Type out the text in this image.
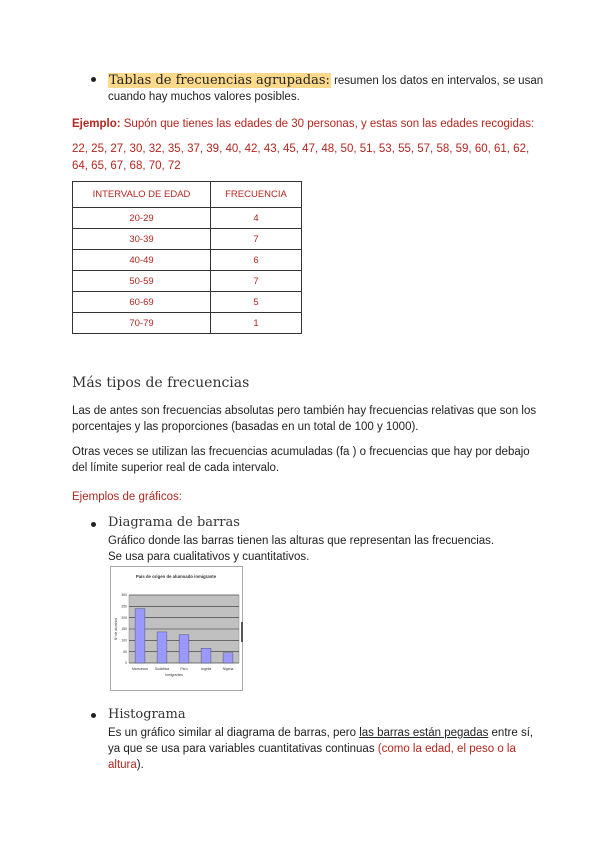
Tablas de frecuencias agrupadas: resumen los datos en intervalos, se usan
cuando hay muchos valores posibles.
Ejemplo: Supón que tienes las edades de 30 personas, y estas son las edades recogidas:
22, 25, 27, 30, 32, 35, 37, 39, 40, 42, 43, 45, 47, 48, 50, 51, 53, 55, 57, 58, 59, 60, 61, 62,
64, 65, 67, 68, 70, 72
INTERVALO DE EDAD	FRECUENCIA
20-29	4
30-39	7
40-49	6
50-59	7
60-69	5
70-79	1
Más tipos de frecuencias
Las de antes son frecuencias absolutas pero también hay frecuencias relativas que son los
porcentajes y las proporciones (basadas en un total de 100 y 1000).
Otras veces se utilizan las frecuencias acumuladas (fa ) o frecuencias que hay por debajo
del límite superior real de cada intervalo.
Ejemplos de gráficos:
Diagrama de barras
Gráfico donde las barras tienen las alturas que representan las frecuencias.
Se usa para cualitativos y cuantitativos.
País de origen de alumnado inmigrante
0
50
100
150
200
250
300
Marruecos Sudáfrica	Perú	Argelia	Nigeria
Nº de alumnos
Inmigrantes
Histograma
Es un gráfico similar al diagrama de barras, pero las barras están pegadas entre sí,
ya que se usa para variables cuantitativas continuas (como la edad, el peso o la
altura).
